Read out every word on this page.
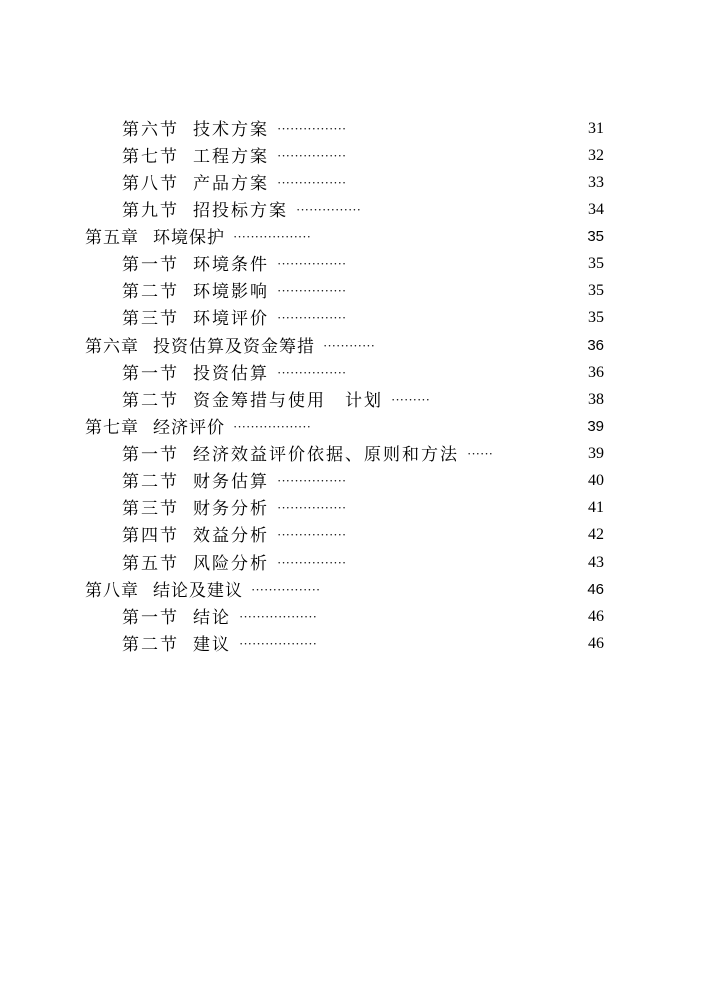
第六节 技术方案 ················	31
第七节 工程方案 ················	32
第八节 产品方案 ················	33
第九节 招投标方案 ···············	34
第五章 环境保护 ··················	35
第一节 环境条件 ················	35
第二节 环境影响 ················	35
第三节 环境评价 ················	35
第六章 投资估算及资金筹措 ············	36
第一节 投资估算 ················	36
第二节 资金筹措与使用　计划 ·········	38
第七章 经济评价 ··················	39
第一节 经济效益评价依据、原则和方法 ······	39
第二节 财务估算 ················	40
第三节 财务分析 ················	41
第四节 效益分析 ················	42
第五节 风险分析 ················	43
第八章 结论及建议 ················	46
第一节 结论 ··················	46
第二节 建议 ··················	46
